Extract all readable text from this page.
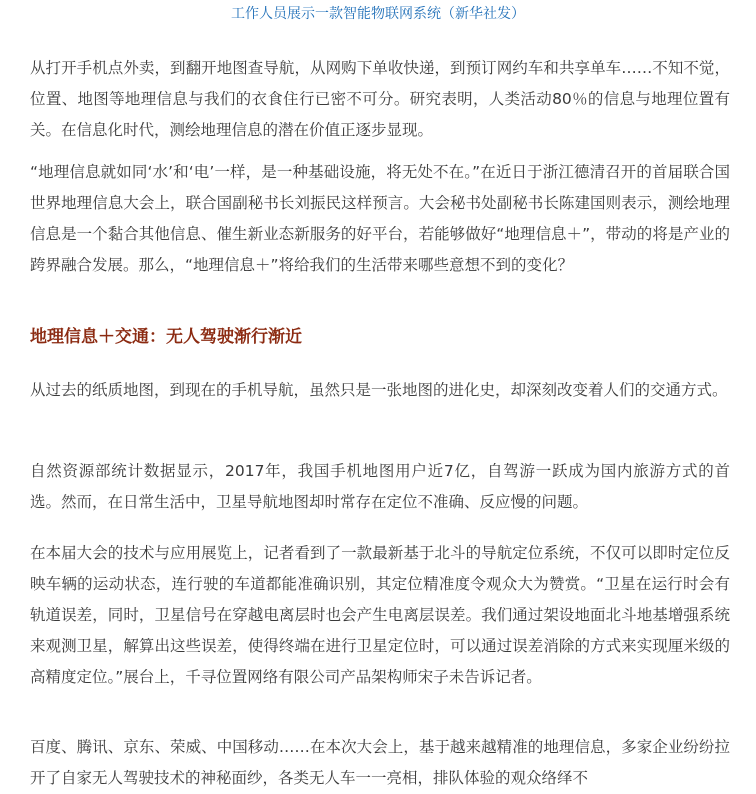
工作人员展示一款智能物联网系统（新华社发）

从打开手机点外卖，到翻开地图查导航，从网购下单收快递，到预订网约车和共享单车……不知不觉，位置、地图等地理信息与我们的衣食住行已密不可分。研究表明，人类活动80％的信息与地理位置有关。在信息化时代，测绘地理信息的潜在价值正逐步显现。

“地理信息就如同‘水’和‘电’一样，是一种基础设施，将无处不在。”在近日于浙江德清召开的首届联合国世界地理信息大会上，联合国副秘书长刘振民这样预言。大会秘书处副秘书长陈建国则表示，测绘地理信息是一个黏合其他信息、催生新业态新服务的好平台，若能够做好“地理信息＋”，带动的将是产业的跨界融合发展。那么，“地理信息＋”将给我们的生活带来哪些意想不到的变化？

地理信息＋交通：无人驾驶渐行渐近

从过去的纸质地图，到现在的手机导航，虽然只是一张地图的进化史，却深刻改变着人们的交通方式。

自然资源部统计数据显示，2017年，我国手机地图用户近7亿，自驾游一跃成为国内旅游方式的首选。然而，在日常生活中，卫星导航地图却时常存在定位不准确、反应慢的问题。

在本届大会的技术与应用展览上，记者看到了一款最新基于北斗的导航定位系统，不仅可以即时定位反映车辆的运动状态，连行驶的车道都能准确识别，其定位精准度令观众大为赞赏。“卫星在运行时会有轨道误差，同时，卫星信号在穿越电离层时也会产生电离层误差。我们通过架设地面北斗地基增强系统来观测卫星，解算出这些误差，使得终端在进行卫星定位时，可以通过误差消除的方式来实现厘米级的高精度定位。”展台上，千寻位置网络有限公司产品架构师宋子未告诉记者。

百度、腾讯、京东、荣威、中国移动……在本次大会上，基于越来越精准的地理信息，多家企业纷纷拉开了自家无人驾驶技术的神秘面纱，各类无人车一一亮相，排队体验的观众络绎不
